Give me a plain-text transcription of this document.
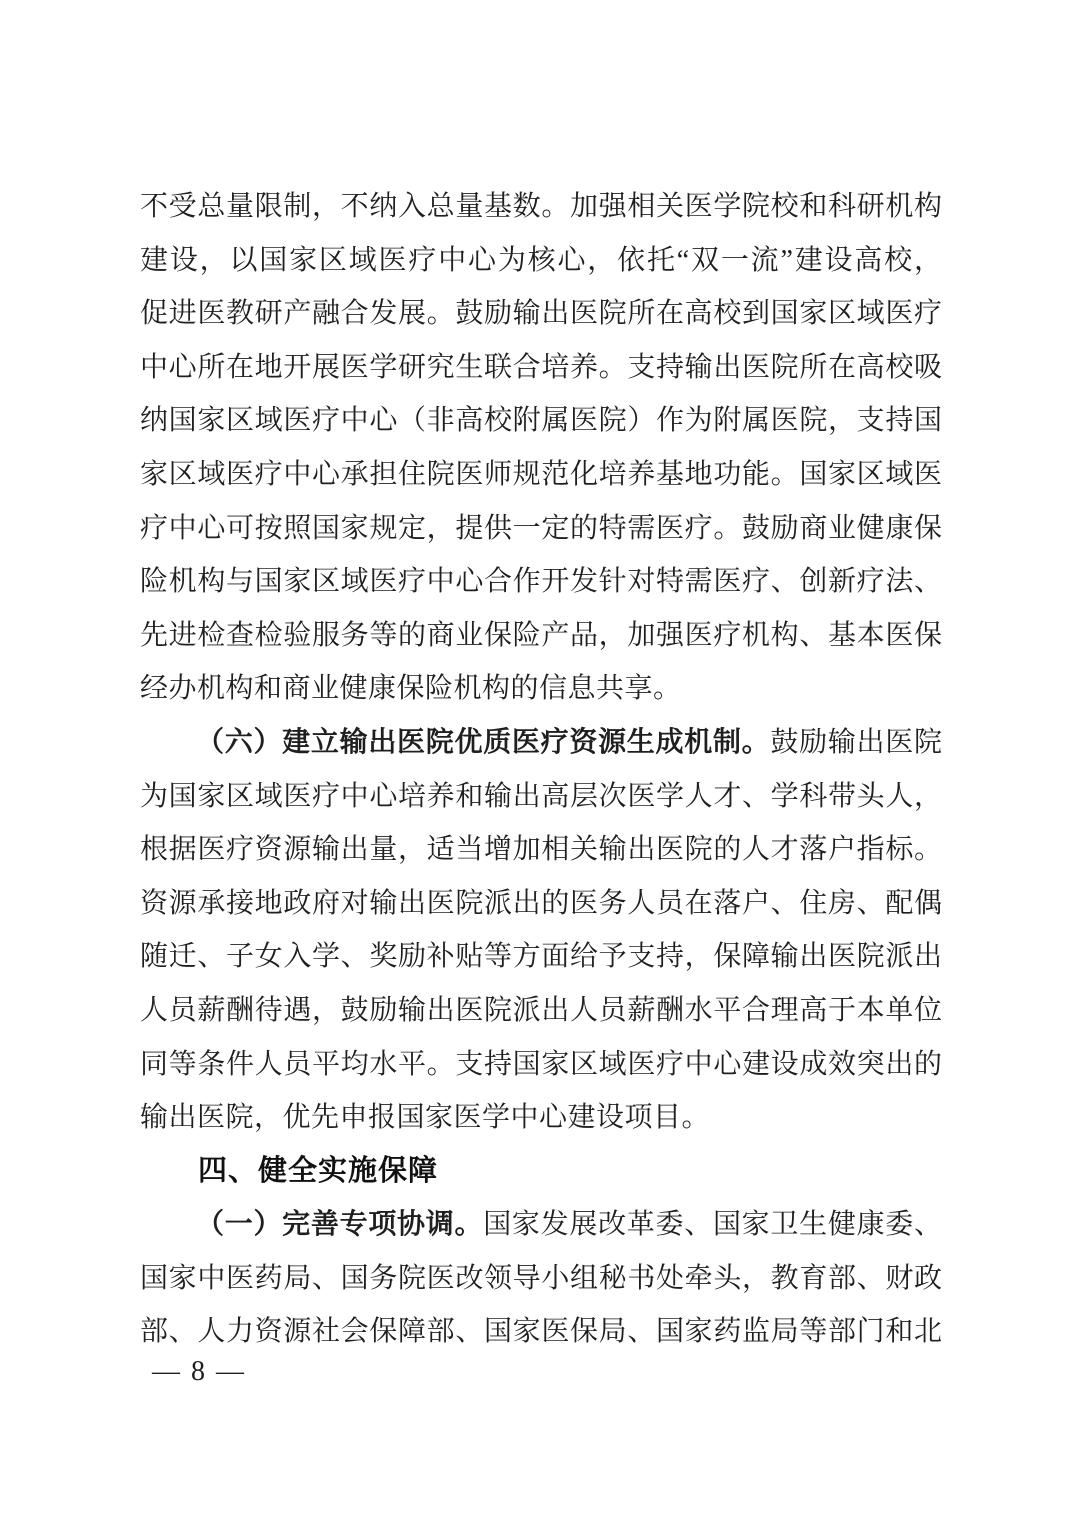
不受总量限制，不纳入总量基数。加强相关医学院校和科研机构
建设，以国家区域医疗中心为核心，依托“双一流”建设高校，
促进医教研产融合发展。鼓励输出医院所在高校到国家区域医疗
中心所在地开展医学研究生联合培养。支持输出医院所在高校吸
纳国家区域医疗中心（非高校附属医院）作为附属医院，支持国
家区域医疗中心承担住院医师规范化培养基地功能。国家区域医
疗中心可按照国家规定，提供一定的特需医疗。鼓励商业健康保
险机构与国家区域医疗中心合作开发针对特需医疗、创新疗法、
先进检查检验服务等的商业保险产品，加强医疗机构、基本医保
经办机构和商业健康保险机构的信息共享。
（六）建立输出医院优质医疗资源生成机制。鼓励输出医院
为国家区域医疗中心培养和输出高层次医学人才、学科带头人，
根据医疗资源输出量，适当增加相关输出医院的人才落户指标。
资源承接地政府对输出医院派出的医务人员在落户、住房、配偶
随迁、子女入学、奖励补贴等方面给予支持，保障输出医院派出
人员薪酬待遇，鼓励输出医院派出人员薪酬水平合理高于本单位
同等条件人员平均水平。支持国家区域医疗中心建设成效突出的
输出医院，优先申报国家医学中心建设项目。
四、健全实施保障
（一）完善专项协调。国家发展改革委、国家卫生健康委、
国家中医药局、国务院医改领导小组秘书处牵头，教育部、财政
部、人力资源社会保障部、国家医保局、国家药监局等部门和北
— 8 —
